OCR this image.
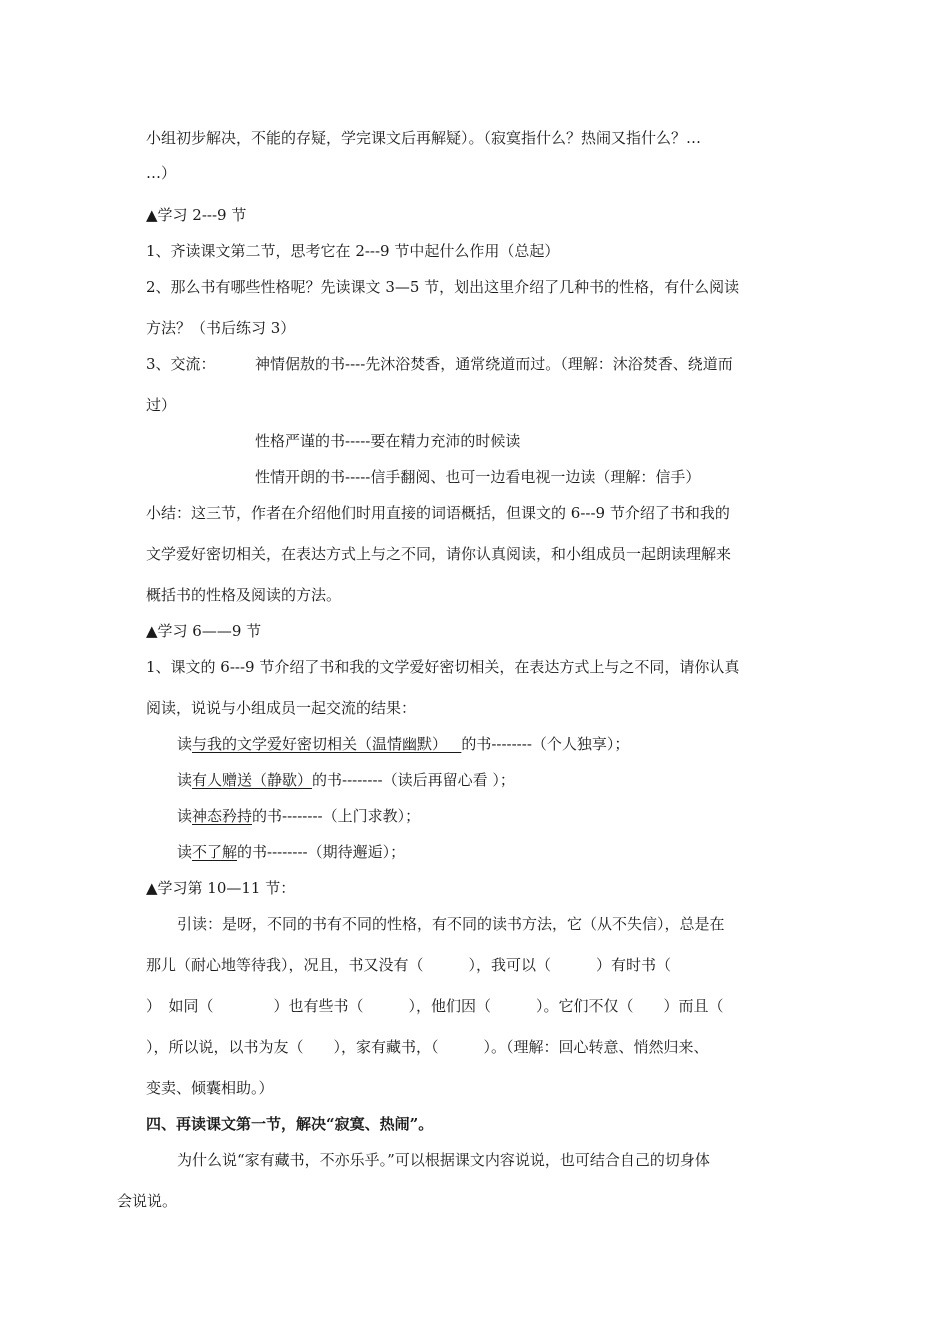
小组初步解决，不能的存疑，学完课文后再解疑）。（寂寞指什么？热闹又指什么？…
…）
▲学习 2---9 节
1、齐读课文第二节，思考它在 2---9 节中起什么作用（总起）
2、那么书有哪些性格呢？先读课文 3—5 节，划出这里介绍了几种书的性格，有什么阅读
方法？（书后练习 3）
3、交流：	神情倨敖的书----先沐浴焚香，通常绕道而过。（理解：沐浴焚香、绕道而
过）
性格严谨的书-----要在精力充沛的时候读
性情开朗的书-----信手翻阅、也可一边看电视一边读（理解：信手）
小结：这三节，作者在介绍他们时用直接的词语概括，但课文的 6---9 节介绍了书和我的
文学爱好密切相关，在表达方式上与之不同，请你认真阅读，和小组成员一起朗读理解来
概括书的性格及阅读的方法。
▲学习 6——9 节
1、课文的 6---9 节介绍了书和我的文学爱好密切相关，在表达方式上与之不同，请你认真
阅读，说说与小组成员一起交流的结果：
读与我的文学爱好密切相关（温情幽默） 的书--------（个人独享）；
读有人赠送（静歇）的书--------（读后再留心看 ）；
读神态矜持的书--------（上门求教）；
读不了解的书--------（期待邂逅）；
▲学习第 10—11 节：
引读：是呀，不同的书有不同的性格，有不同的读书方法，它（从不失信），总是在
那儿（耐心地等待我），况且，书又没有（　　　），我可以（　　　）有时书（
）　如同（　　　　）也有些书（　　　），他们因（　　　）。它们不仅（　　）而且（
），所以说，以书为友（　　），家有藏书，（　　　）。（理解：回心转意、悄然归来、
变卖、倾囊相助。）
四、再读课文第一节，解决“寂寞、热闹”。
为什么说“家有藏书，不亦乐乎。”可以根据课文内容说说，也可结合自己的切身体
会说说。
